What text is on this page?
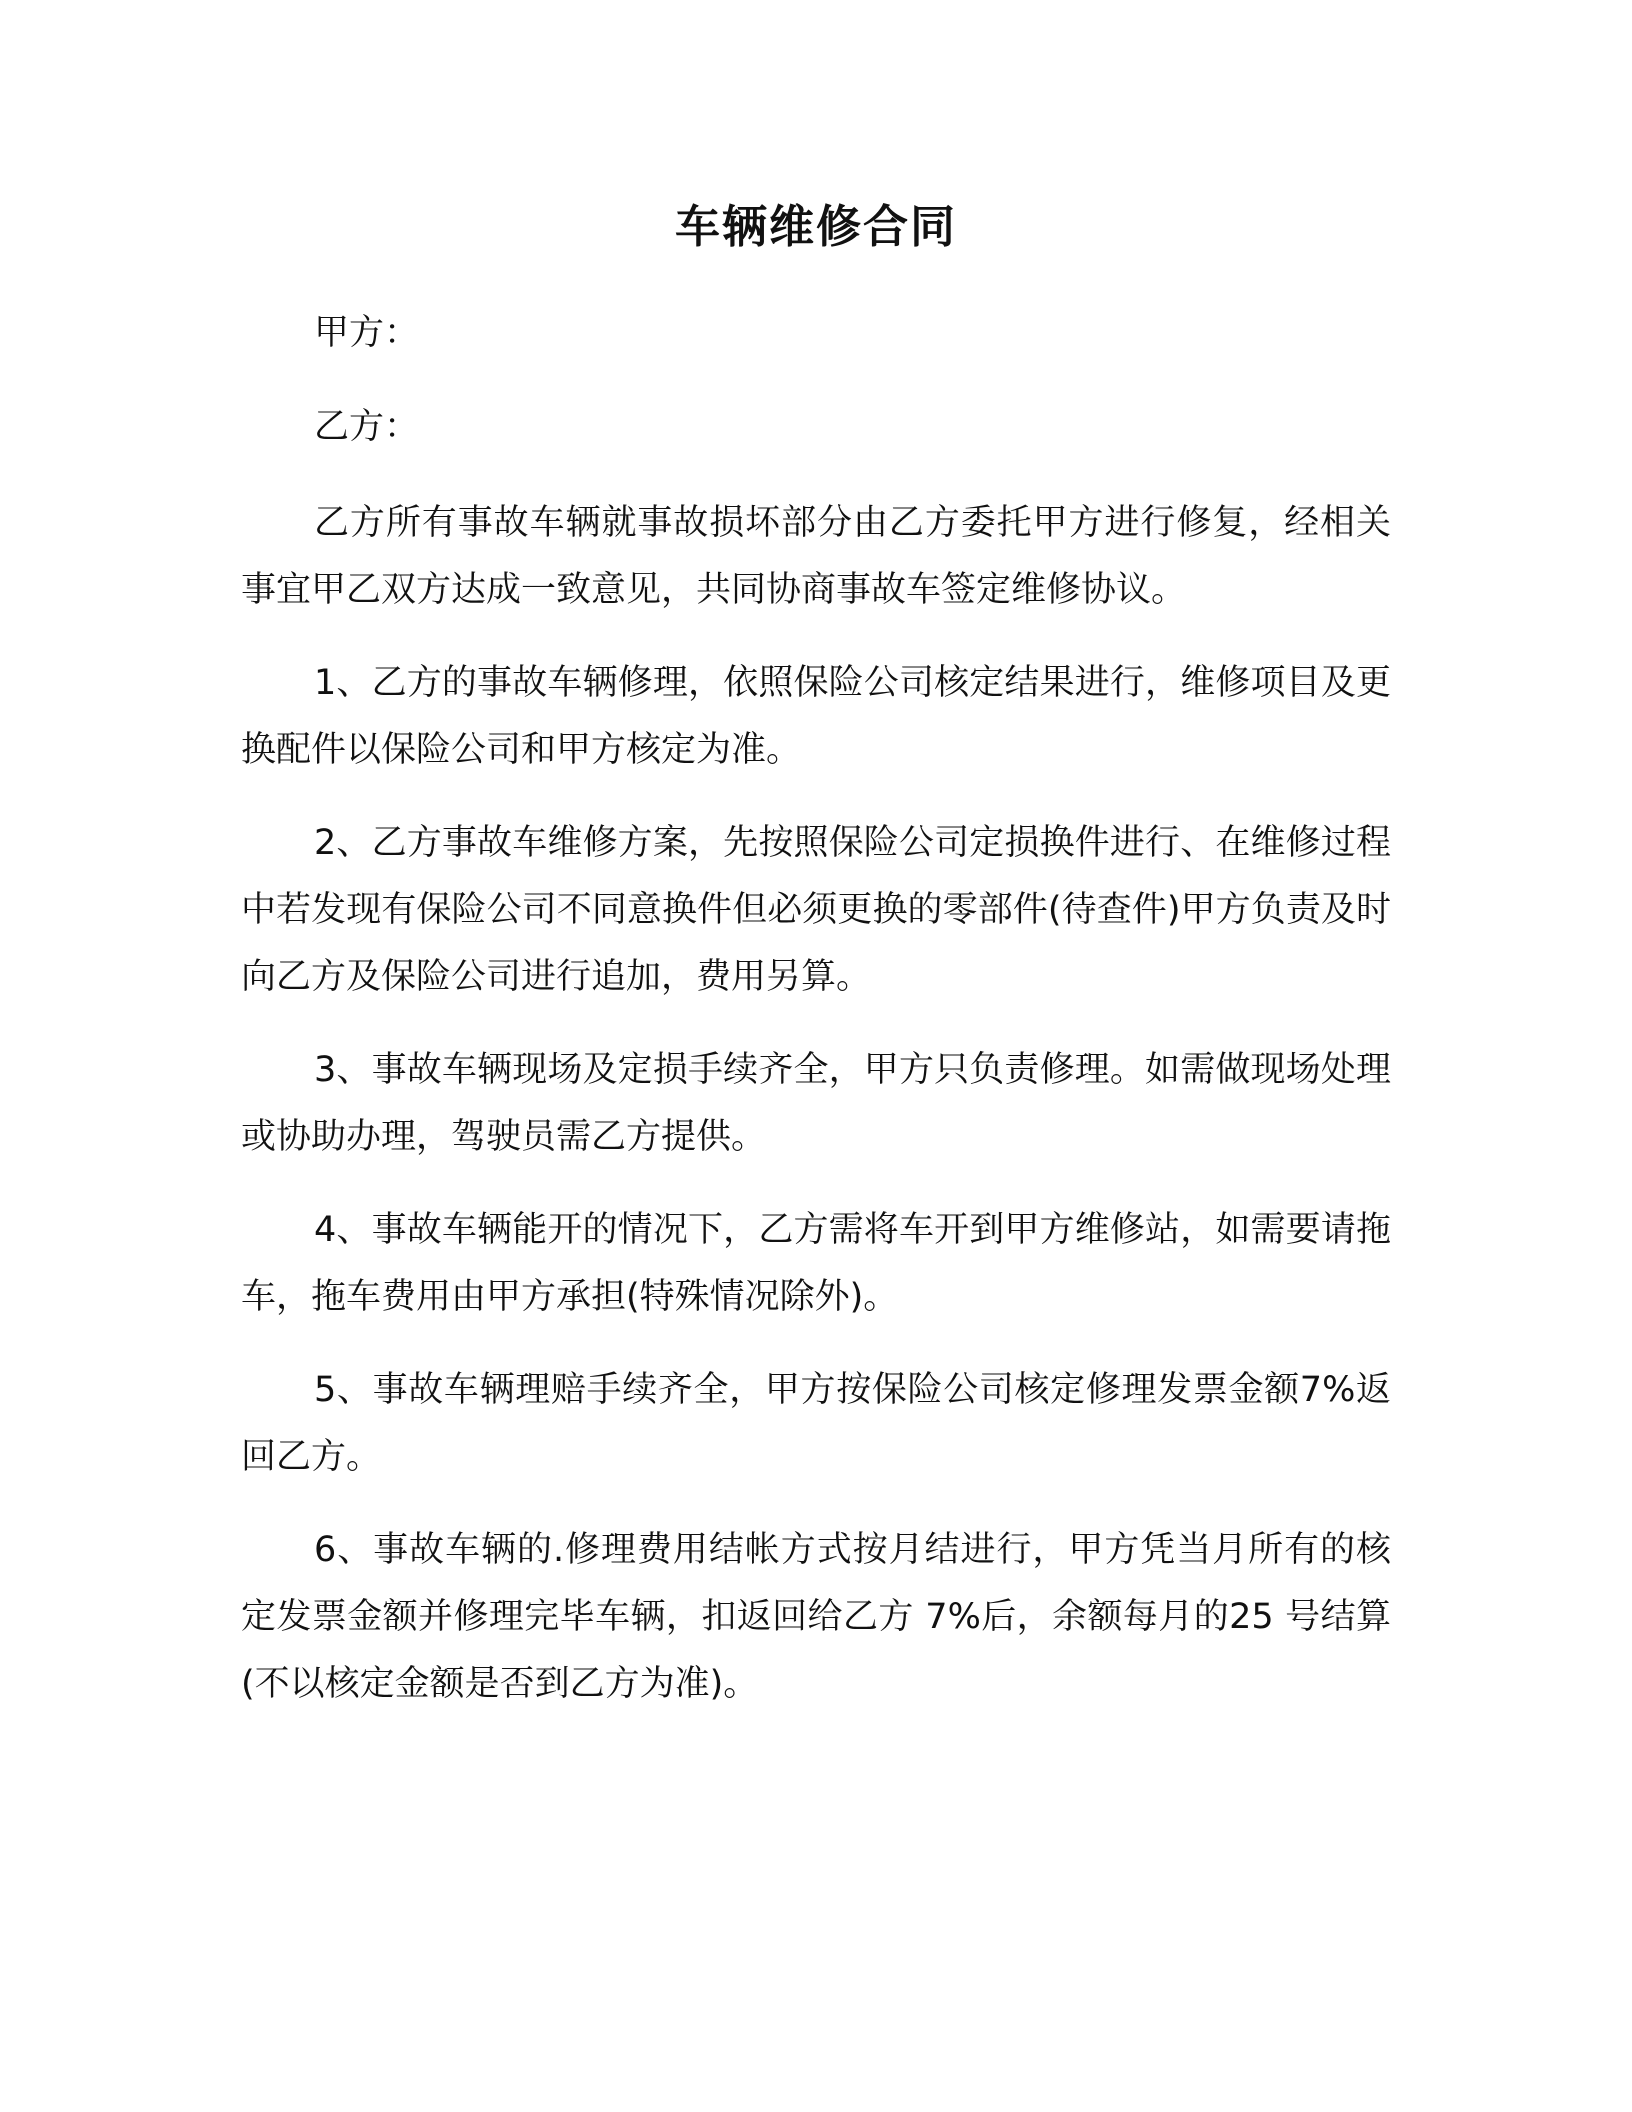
车辆维修合同

甲方：

乙方：

乙方所有事故车辆就事故损坏部分由乙方委托甲方进行修复，经相关事宜甲乙双方达成一致意见，共同协商事故车签定维修协议。

1、乙方的事故车辆修理，依照保险公司核定结果进行，维修项目及更换配件以保险公司和甲方核定为准。

2、乙方事故车维修方案，先按照保险公司定损换件进行、在维修过程中若发现有保险公司不同意换件但必须更换的零部件(待查件)甲方负责及时向乙方及保险公司进行追加，费用另算。

3、事故车辆现场及定损手续齐全，甲方只负责修理。如需做现场处理或协助办理，驾驶员需乙方提供。

4、事故车辆能开的情况下，乙方需将车开到甲方维修站，如需要请拖车，拖车费用由甲方承担(特殊情况除外)。

5、事故车辆理赔手续齐全，甲方按保险公司核定修理发票金额7%返回乙方。

6、事故车辆的.修理费用结帐方式按月结进行，甲方凭当月所有的核定发票金额并修理完毕车辆，扣返回给乙方 7%后，余额每月的25 号结算(不以核定金额是否到乙方为准)。
